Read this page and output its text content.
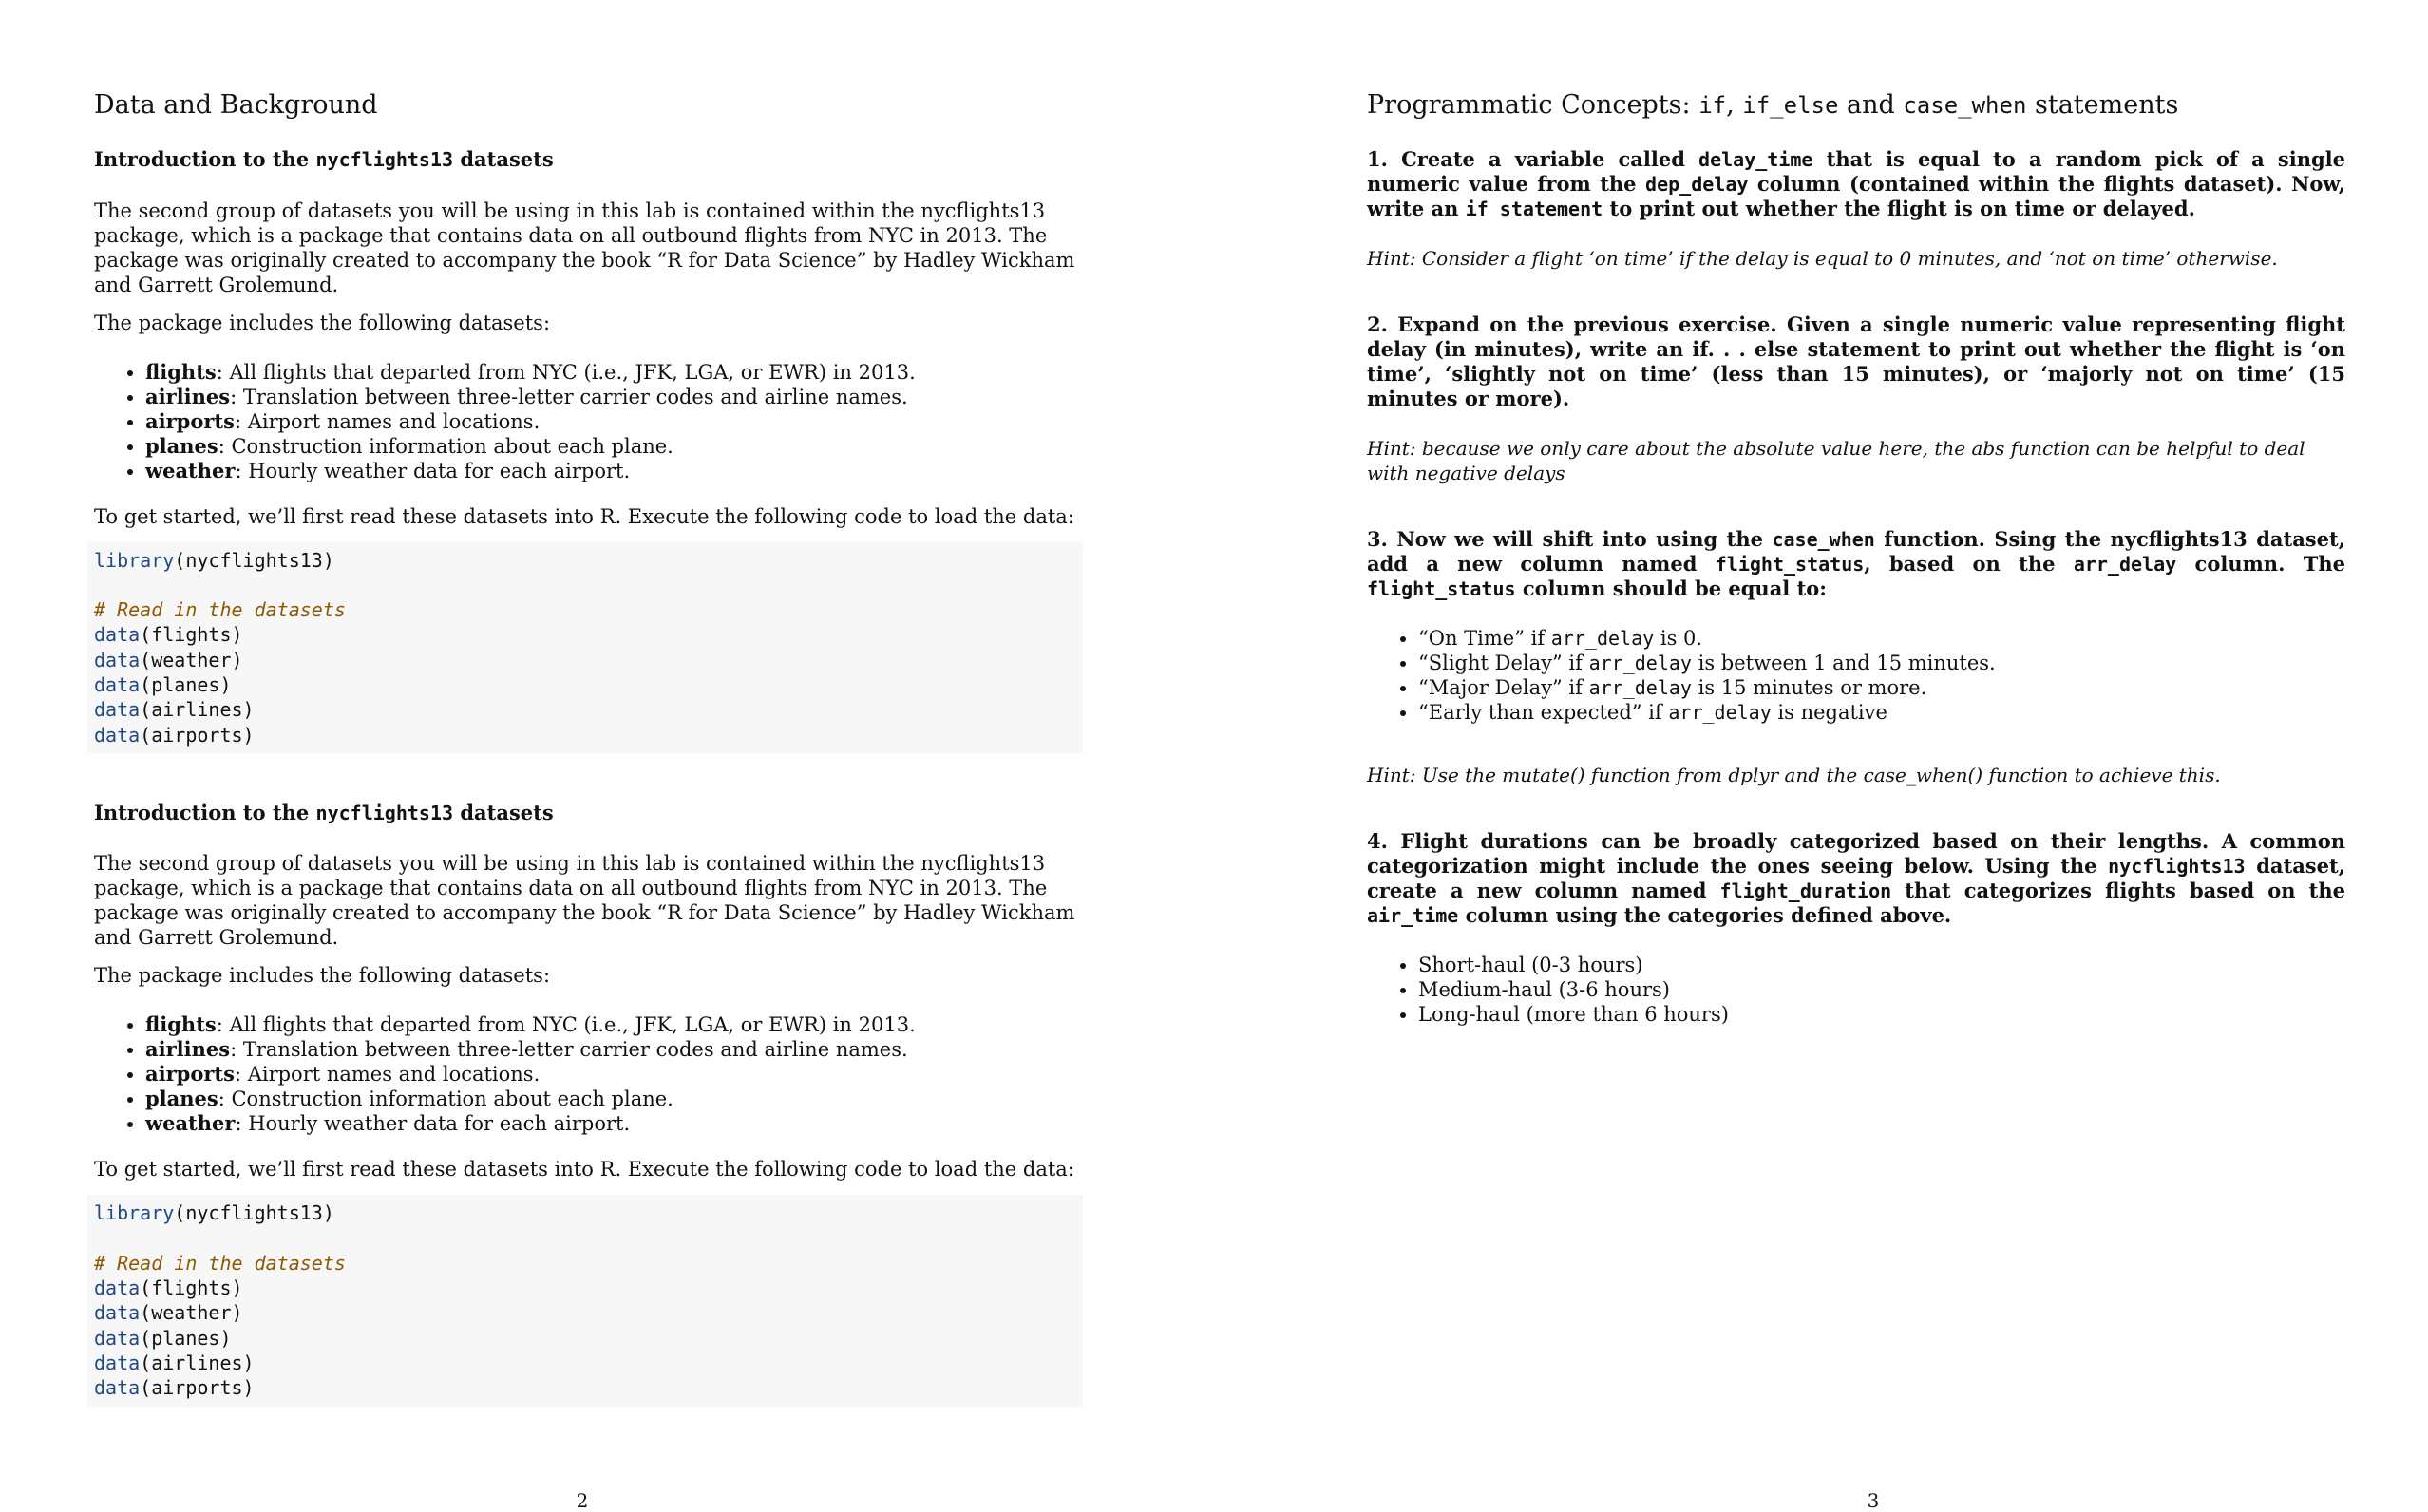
Data and Background
Introduction to the nycflights13 datasets

The second group of datasets you will be using in this lab is contained within the nycflights13 package, which is a package that contains data on all outbound flights from NYC in 2013. The package was originally created to accompany the book “R for Data Science” by Hadley Wickham and Garrett Grolemund.

The package includes the following datasets:

• flights: All flights that departed from NYC (i.e., JFK, LGA, or EWR) in 2013.
• airlines: Translation between three-letter carrier codes and airline names.
• airports: Airport names and locations.
• planes: Construction information about each plane.
• weather: Hourly weather data for each airport.

To get started, we’ll first read these datasets into R. Execute the following code to load the data:

library(nycflights13)

# Read in the datasets
data(flights)
data(weather)
data(planes)
data(airlines)
data(airports)
Introduction to the nycflights13 datasets

The second group of datasets you will be using in this lab is contained within the nycflights13 package, which is a package that contains data on all outbound flights from NYC in 2013. The package was originally created to accompany the book “R for Data Science” by Hadley Wickham and Garrett Grolemund.

The package includes the following datasets:

• flights: All flights that departed from NYC (i.e., JFK, LGA, or EWR) in 2013.
• airlines: Translation between three-letter carrier codes and airline names.
• airports: Airport names and locations.
• planes: Construction information about each plane.
• weather: Hourly weather data for each airport.

To get started, we’ll first read these datasets into R. Execute the following code to load the data:

library(nycflights13)

# Read in the datasets
data(flights)
data(weather)
data(planes)
data(airlines)
data(airports)
2
Programmatic Concepts: if, if_else and case_when statements
1. Create a variable called delay_time that is equal to a random pick of a single numeric value from the dep_delay column (contained within the flights dataset). Now, write an if statement to print out whether the flight is on time or delayed.
Hint: Consider a flight ‘on time’ if the delay is equal to 0 minutes, and ‘not on time’ otherwise.
2. Expand on the previous exercise. Given a single numeric value representing flight delay (in minutes), write an if. . . else statement to print out whether the flight is ‘on time’, ‘slightly not on time’ (less than 15 minutes), or ‘majorly not on time’ (15 minutes or more).
Hint: because we only care about the absolute value here, the abs function can be helpful to deal with negative delays
3. Now we will shift into using the case_when function. Ssing the nycflights13 dataset, add a new column named flight_status, based on the arr_delay column. The flight_status column should be equal to:
• “On Time” if arr_delay is 0.
• “Slight Delay” if arr_delay is between 1 and 15 minutes.
• “Major Delay” if arr_delay is 15 minutes or more.
• “Early than expected” if arr_delay is negative
Hint: Use the mutate() function from dplyr and the case_when() function to achieve this.
4. Flight durations can be broadly categorized based on their lengths. A common categorization might include the ones seeing below. Using the nycflights13 dataset, create a new column named flight_duration that categorizes flights based on the air_time column using the categories defined above.
• Short-haul (0-3 hours)
• Medium-haul (3-6 hours)
• Long-haul (more than 6 hours)
3
